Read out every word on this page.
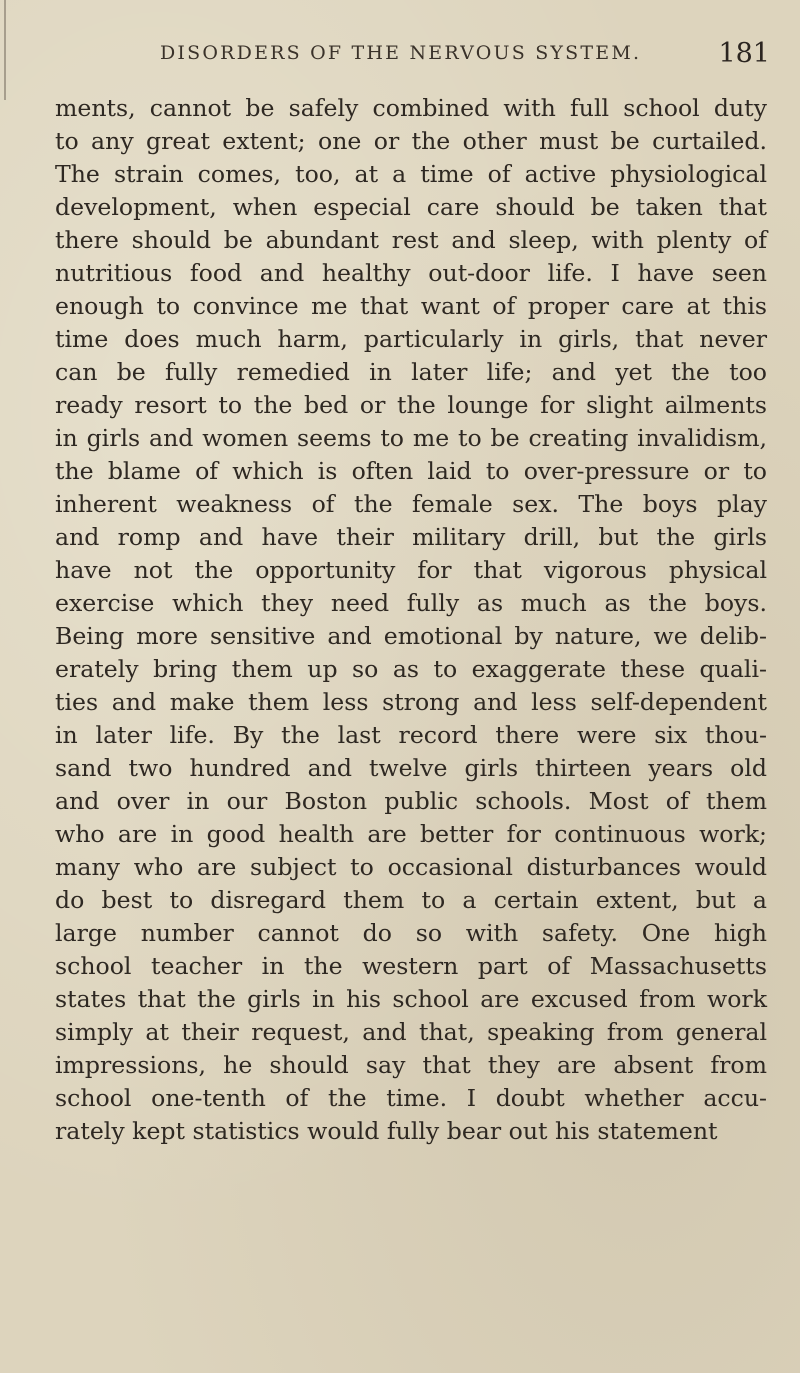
DISORDERS OF THE NERVOUS SYSTEM.	181
ments, cannot be safely combined with full school duty
to any great extent; one or the other must be curtailed.
The strain comes, too, at a time of active physiological
development, when especial care should be taken that
there should be abundant rest and sleep, with plenty of
nutritious food and healthy out-door life. I have seen
enough to convince me that want of proper care at this
time does much harm, particularly in girls, that never
can be fully remedied in later life; and yet the too
ready resort to the bed or the lounge for slight ailments
in girls and women seems to me to be creating invalidism,
the blame of which is often laid to over-pressure or to
inherent weakness of the female sex. The boys play
and romp and have their military drill, but the girls
have not the opportunity for that vigorous physical
exercise which they need fully as much as the boys.
Being more sensitive and emotional by nature, we delib-
erately bring them up so as to exaggerate these quali-
ties and make them less strong and less self-dependent
in later life. By the last record there were six thou-
sand two hundred and twelve girls thirteen years old
and over in our Boston public schools. Most of them
who are in good health are better for continuous work;
many who are subject to occasional disturbances would
do best to disregard them to a certain extent, but a
large number cannot do so with safety. One high
school teacher in the western part of Massachusetts
states that the girls in his school are excused from work
simply at their request, and that, speaking from general
impressions, he should say that they are absent from
school one-tenth of the time. I doubt whether accu-
rately kept statistics would fully bear out his statement
